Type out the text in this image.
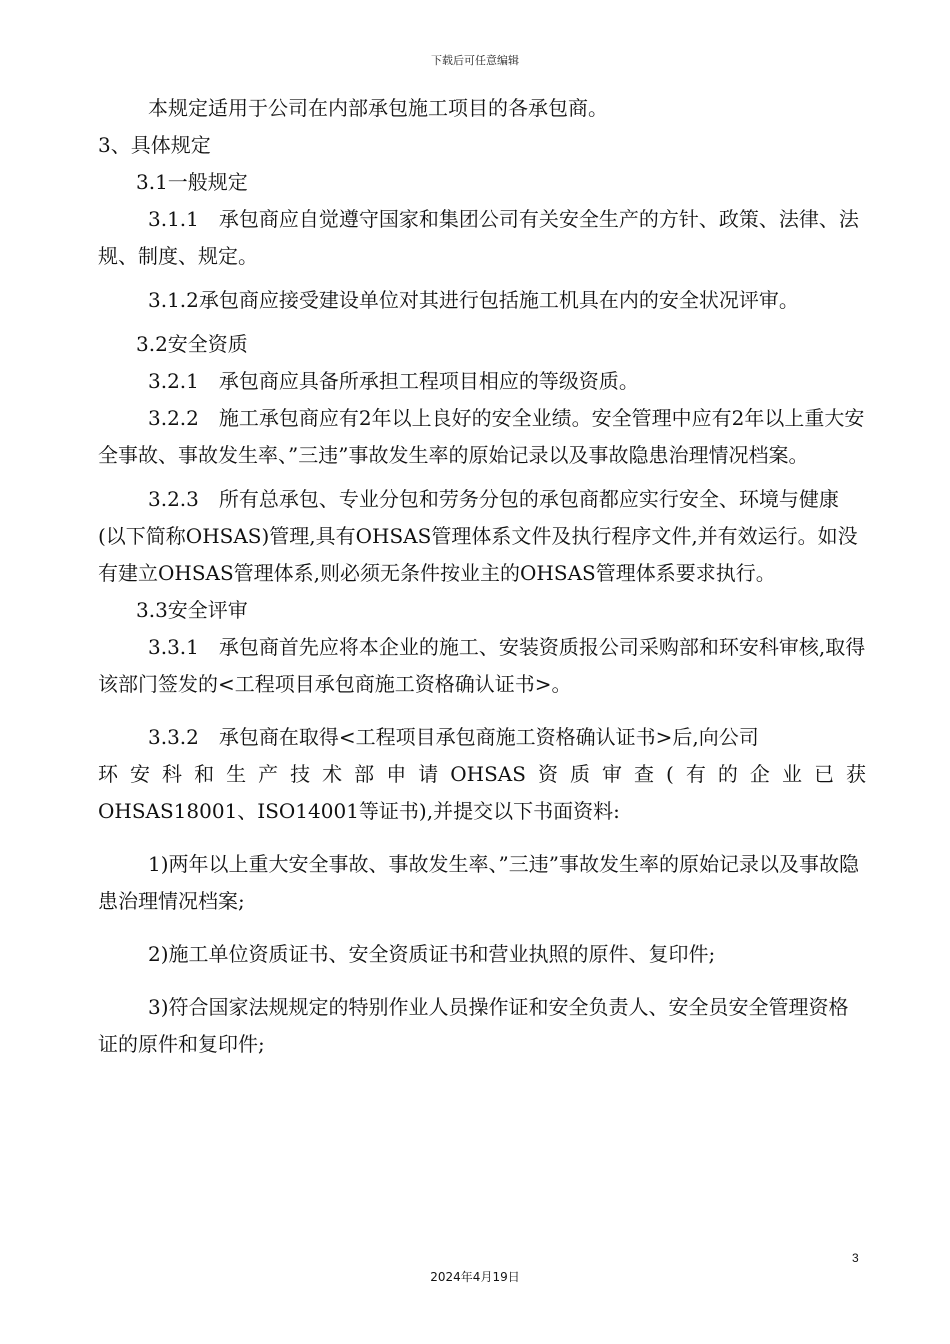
下载后可任意编辑

本规定适用于公司在内部承包施工项目的各承包商。

3、具体规定

3.1一般规定

3.1.1　承包商应自觉遵守国家和集团公司有关安全生产的方针、政策、法律、法规、制度、规定。

3.1.2承包商应接受建设单位对其进行包括施工机具在内的安全状况评审。

3.2安全资质

3.2.1　承包商应具备所承担工程项目相应的等级资质。

3.2.2　施工承包商应有2年以上良好的安全业绩。安全管理中应有2年以上重大安全事故、事故发生率、”三违”事故发生率的原始记录以及事故隐患治理情况档案。

3.2.3　所有总承包、专业分包和劳务分包的承包商都应实行安全、环境与健康(以下简称OHSAS)管理,具有OHSAS管理体系文件及执行程序文件,并有效运行。如没有建立OHSAS管理体系,则必须无条件按业主的OHSAS管理体系要求执行。

3.3安全评审

3.3.1　承包商首先应将本企业的施工、安装资质报公司采购部和环安科审核,取得该部门签发的<工程项目承包商施工资格确认证书>。

3.3.2　承包商在取得<工程项目承包商施工资格确认证书>后,向公司

环安科和生产技术部申请OHSAS资质审查(有的企业已获

OHSAS18001、ISO14001等证书),并提交以下书面资料:

1)两年以上重大安全事故、事故发生率、”三违”事故发生率的原始记录以及事故隐患治理情况档案;

2)施工单位资质证书、安全资质证书和营业执照的原件、复印件;

3)符合国家法规规定的特别作业人员操作证和安全负责人、安全员安全管理资格证的原件和复印件;

3
2024年4月19日
